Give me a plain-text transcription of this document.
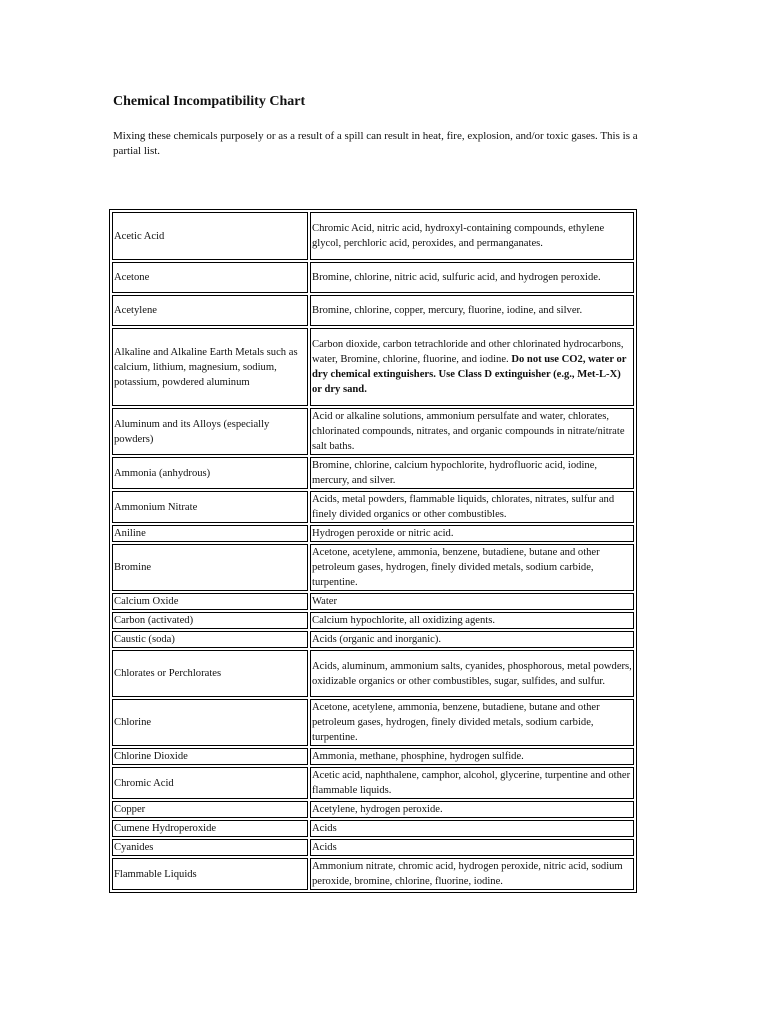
Chemical Incompatibility Chart

Mixing these chemicals purposely or as a result of a spill can result in heat, fire, explosion, and/or toxic gases. This is a partial list.

Acetic Acid	Chromic Acid, nitric acid, hydroxyl-containing compounds, ethylene glycol, perchloric acid, peroxides, and permanganates.
Acetone	Bromine, chlorine, nitric acid, sulfuric acid, and hydrogen peroxide.
Acetylene	Bromine, chlorine, copper, mercury, fluorine, iodine, and silver.
Alkaline and Alkaline Earth Metals such as calcium, lithium, magnesium, sodium, potassium, powdered aluminum	Carbon dioxide, carbon tetrachloride and other chlorinated hydrocarbons, water, Bromine, chlorine, fluorine, and iodine. Do not use CO2, water or dry chemical extinguishers. Use Class D extinguisher (e.g., Met-L-X) or dry sand.
Aluminum and its Alloys (especially powders)	Acid or alkaline solutions, ammonium persulfate and water, chlorates, chlorinated compounds, nitrates, and organic compounds in nitrate/nitrate salt baths.
Ammonia (anhydrous)	Bromine, chlorine, calcium hypochlorite, hydrofluoric acid, iodine, mercury, and silver.
Ammonium Nitrate	Acids, metal powders, flammable liquids, chlorates, nitrates, sulfur and finely divided organics or other combustibles.
Aniline	Hydrogen peroxide or nitric acid.
Bromine	Acetone, acetylene, ammonia, benzene, butadiene, butane and other petroleum gases, hydrogen, finely divided metals, sodium carbide, turpentine.
Calcium Oxide	Water
Carbon (activated)	Calcium hypochlorite, all oxidizing agents.
Caustic (soda)	Acids (organic and inorganic).
Chlorates or Perchlorates	Acids, aluminum, ammonium salts, cyanides, phosphorous, metal powders, oxidizable organics or other combustibles, sugar, sulfides, and sulfur.
Chlorine	Acetone, acetylene, ammonia, benzene, butadiene, butane and other petroleum gases, hydrogen, finely divided metals, sodium carbide, turpentine.
Chlorine Dioxide	Ammonia, methane, phosphine, hydrogen sulfide.
Chromic Acid	Acetic acid, naphthalene, camphor, alcohol, glycerine, turpentine and other flammable liquids.
Copper	Acetylene, hydrogen peroxide.
Cumene Hydroperoxide	Acids
Cyanides	Acids
Flammable Liquids	Ammonium nitrate, chromic acid, hydrogen peroxide, nitric acid, sodium peroxide, bromine, chlorine, fluorine, iodine.
